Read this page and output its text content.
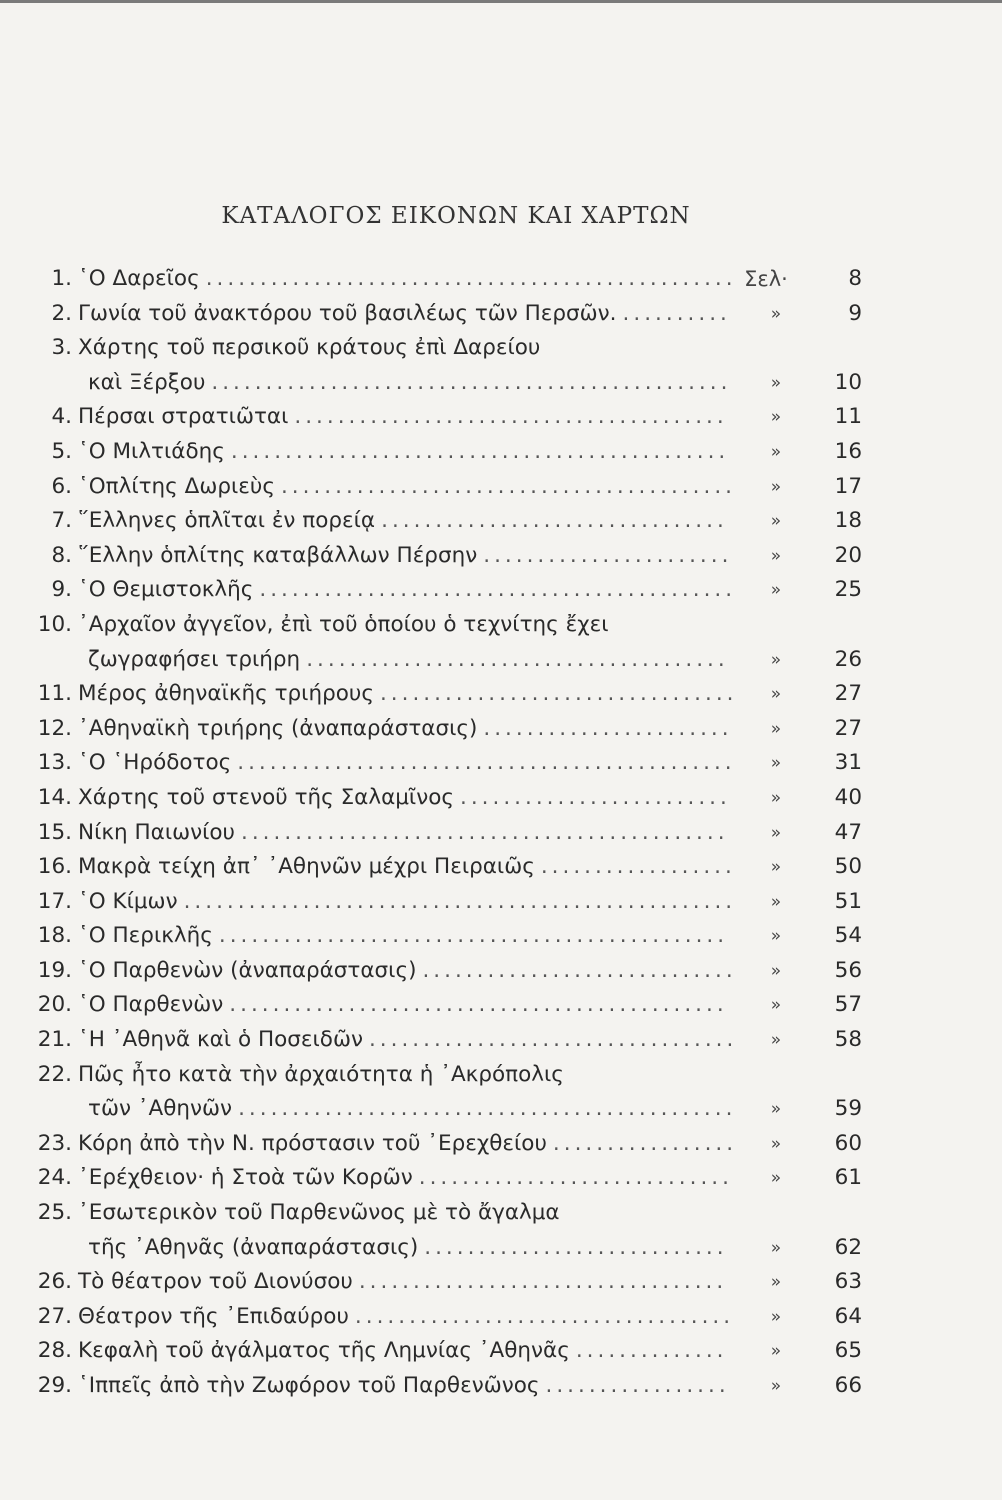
ΚΑΤΑΛΟΓΟΣ ΕΙΚΟΝΩΝ ΚΑΙ ΧΑΡΤΩΝ
1. ῾Ο Δαρεῖος ................................................. Σελ·	8
2. Γωνία τοῦ ἀνακτόρου τοῦ βασιλέως τῶν Περσῶν. ..........	»	9
3. Χάρτης τοῦ περσικοῦ κράτους ἐπὶ Δαρείου
καὶ Ξέρξου ................................................	»	10
4. Πέρσαι στρατιῶται ........................................	»	11
5. ῾Ο Μιλτιάδης ..............................................	»	16
6. ῾Οπλίτης Δωριεὺς ..........................................	»	17
7. ῞Ελληνες ὁπλῖται ἐν πορείᾳ ................................	»	18
8. ῞Ελλην ὁπλίτης καταβάλλων Πέρσην .......................	»	20
9. ῾Ο Θεμιστοκλῆς ............................................	»	25
10. ᾿Αρχαῖον ἀγγεῖον, ἐπὶ τοῦ ὁποίου ὁ τεχνίτης ἔχει
ζωγραφήσει τριήρη .......................................	»	26
11. Μέρος ἀθηναϊκῆς τριήρους .................................	»	27
12. ᾿Αθηναϊκὴ τριήρης (ἀναπαράστασις) .......................	»	27
13. ῾Ο ῾Ηρόδοτος ..............................................	»	31
14. Χάρτης τοῦ στενοῦ τῆς Σαλαμῖνος .........................	»	40
15. Νίκη Παιωνίου .............................................	»	47
16. Μακρὰ τείχη ἀπ᾿ ᾿Αθηνῶν μέχρι Πειραιῶς ..................	»	50
17. ῾Ο Κίμων ...................................................	»	51
18. ῾Ο Περικλῆς ...............................................	»	54
19. ῾Ο Παρθενὼν (ἀναπαράστασις) .............................	»	56
20. ῾Ο Παρθενὼν ..............................................	»	57
21. ῾Η ᾿Αθηνᾶ καὶ ὁ Ποσειδῶν ..................................	»	58
22. Πῶς ἦτο κατὰ τὴν ἀρχαιότητα ἡ ᾿Ακρόπολις
τῶν ᾿Αθηνῶν ..............................................	»	59
23. Κόρη ἀπὸ τὴν Ν. πρόστασιν τοῦ ᾿Ερεχθείου .................	»	60
24. ᾿Ερέχθειον· ἡ Στοὰ τῶν Κορῶν .............................	»	61
25. ᾿Εσωτερικὸν τοῦ Παρθενῶνος μὲ τὸ ἄγαλμα
τῆς ᾿Αθηνᾶς (ἀναπαράστασις) ............................	»	62
26. Τὸ θέατρον τοῦ Διονύσου ..................................	»	63
27. Θέατρον τῆς ᾿Επιδαύρου ...................................	»	64
28. Κεφαλὴ τοῦ ἀγάλματος τῆς Λημνίας ᾿Αθηνᾶς ..............	»	65
29. ῾Ιππεῖς ἀπὸ τὴν Ζωφόρον τοῦ Παρθενῶνος .................	»	66
